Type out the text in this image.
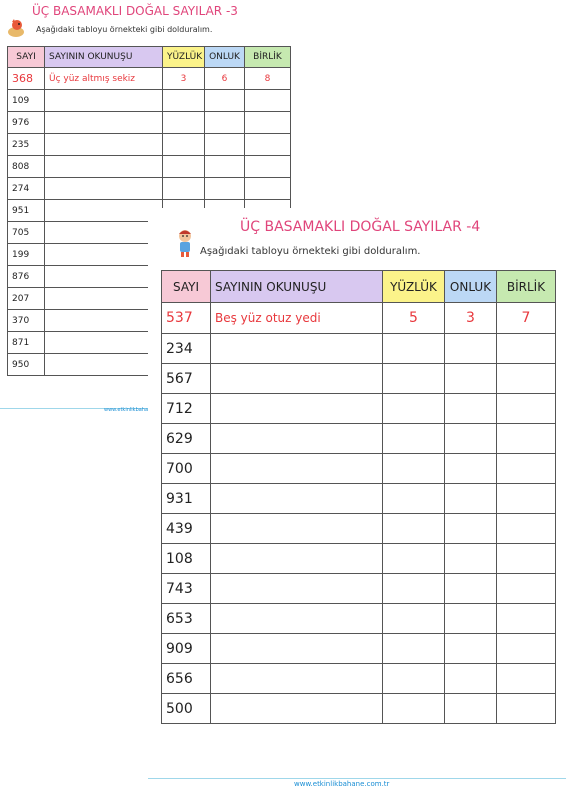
ÜÇ BASAMAKLI DOĞAL SAYILAR -3
Aşağıdaki tabloyu örnekteki gibi dolduralım.
SAYI	SAYININ OKUNUŞU	YÜZLÜK	ONLUK	BİRLİK
368	Üç yüz altmış sekiz	3	6	8
109				
976				
235				
808				
274				
951				
705				
199				
876				
207				
370				
871				
950				
www.etkinlikbaha
ÜÇ BASAMAKLI DOĞAL SAYILAR -4
Aşağıdaki tabloyu örnekteki gibi dolduralım.
SAYI	SAYININ OKUNUŞU	YÜZLÜK	ONLUK	BİRLİK
537	Beş yüz otuz yedi	5	3	7
234				
567				
712				
629				
700				
931				
439				
108				
743				
653				
909				
656				
500				
www.etkinlikbahane.com.tr
